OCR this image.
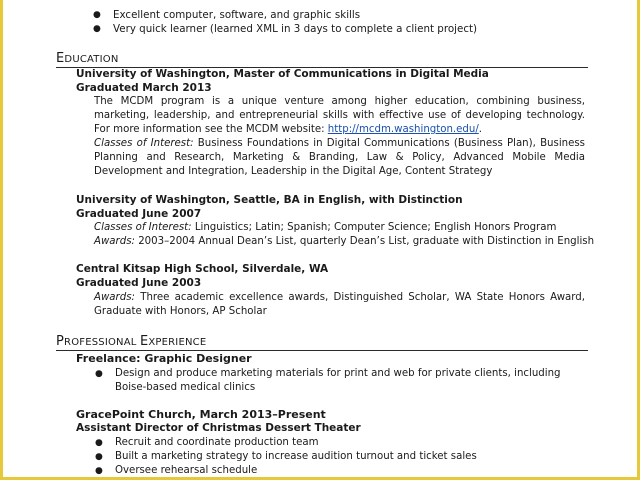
● Excellent computer, software, and graphic skills
● Very quick learner (learned XML in 3 days to complete a client project)
EDUCATION
University of Washington, Master of Communications in Digital Media
Graduated March 2013
The MCDM program is a unique venture among higher education, combining business, marketing, leadership, and entrepreneurial skills with effective use of developing technology. For more information see the MCDM website: http://mcdm.washington.edu/.
Classes of Interest: Business Foundations in Digital Communications (Business Plan), Business Planning and Research, Marketing & Branding, Law & Policy, Advanced Mobile Media Development and Integration, Leadership in the Digital Age, Content Strategy
University of Washington, Seattle, BA in English, with Distinction
Graduated June 2007
Classes of Interest: Linguistics; Latin; Spanish; Computer Science; English Honors Program
Awards: 2003–2004 Annual Dean’s List, quarterly Dean’s List, graduate with Distinction in English
Central Kitsap High School, Silverdale, WA
Graduated June 2003
Awards: Three academic excellence awards, Distinguished Scholar, WA State Honors Award, Graduate with Honors, AP Scholar
PROFESSIONAL EXPERIENCE
Freelance: Graphic Designer
● Design and produce marketing materials for print and web for private clients, including Boise-based medical clinics
GracePoint Church, March 2013–Present
Assistant Director of Christmas Dessert Theater
● Recruit and coordinate production team
● Built a marketing strategy to increase audition turnout and ticket sales
● Oversee rehearsal schedule
